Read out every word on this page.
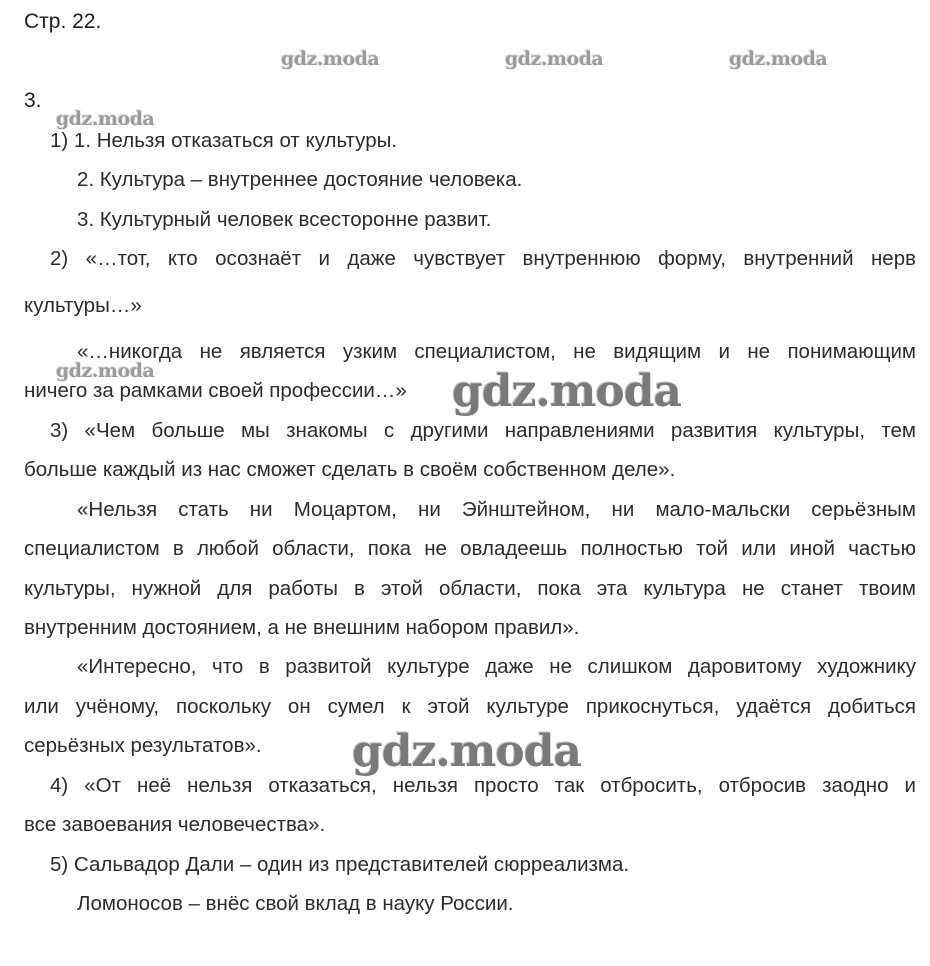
Стр. 22.
gdz.moda	gdz.moda	gdz.moda
3.
gdz.moda
1) 1. Нельзя отказаться от культуры.
2. Культура – внутреннее достояние человека.
3. Культурный человек всесторонне развит.
2) «…тот, кто осознаёт и даже чувствует внутреннюю форму, внутренний нерв
культуры…»
«…никогда не является узким специалистом, не видящим и не понимающим
gdz.moda
ничего за рамками своей профессии…»	gdz.moda
3) «Чем больше мы знакомы с другими направлениями развития культуры, тем
больше каждый из нас сможет сделать в своём собственном деле».
«Нельзя стать ни Моцартом, ни Эйнштейном, ни мало-мальски серьёзным
специалистом в любой области, пока не овладеешь полностью той или иной частью
культуры, нужной для работы в этой области, пока эта культура не станет твоим
внутренним достоянием, а не внешним набором правил».
«Интересно, что в развитой культуре даже не слишком даровитому художнику
или учёному, поскольку он сумел к этой культуре прикоснуться, удаётся добиться
серьёзных результатов».	gdz.moda
4) «От неё нельзя отказаться, нельзя просто так отбросить, отбросив заодно и
все завоевания человечества».
5) Сальвадор Дали – один из представителей сюрреализма.
Ломоносов – внёс свой вклад в науку России.
